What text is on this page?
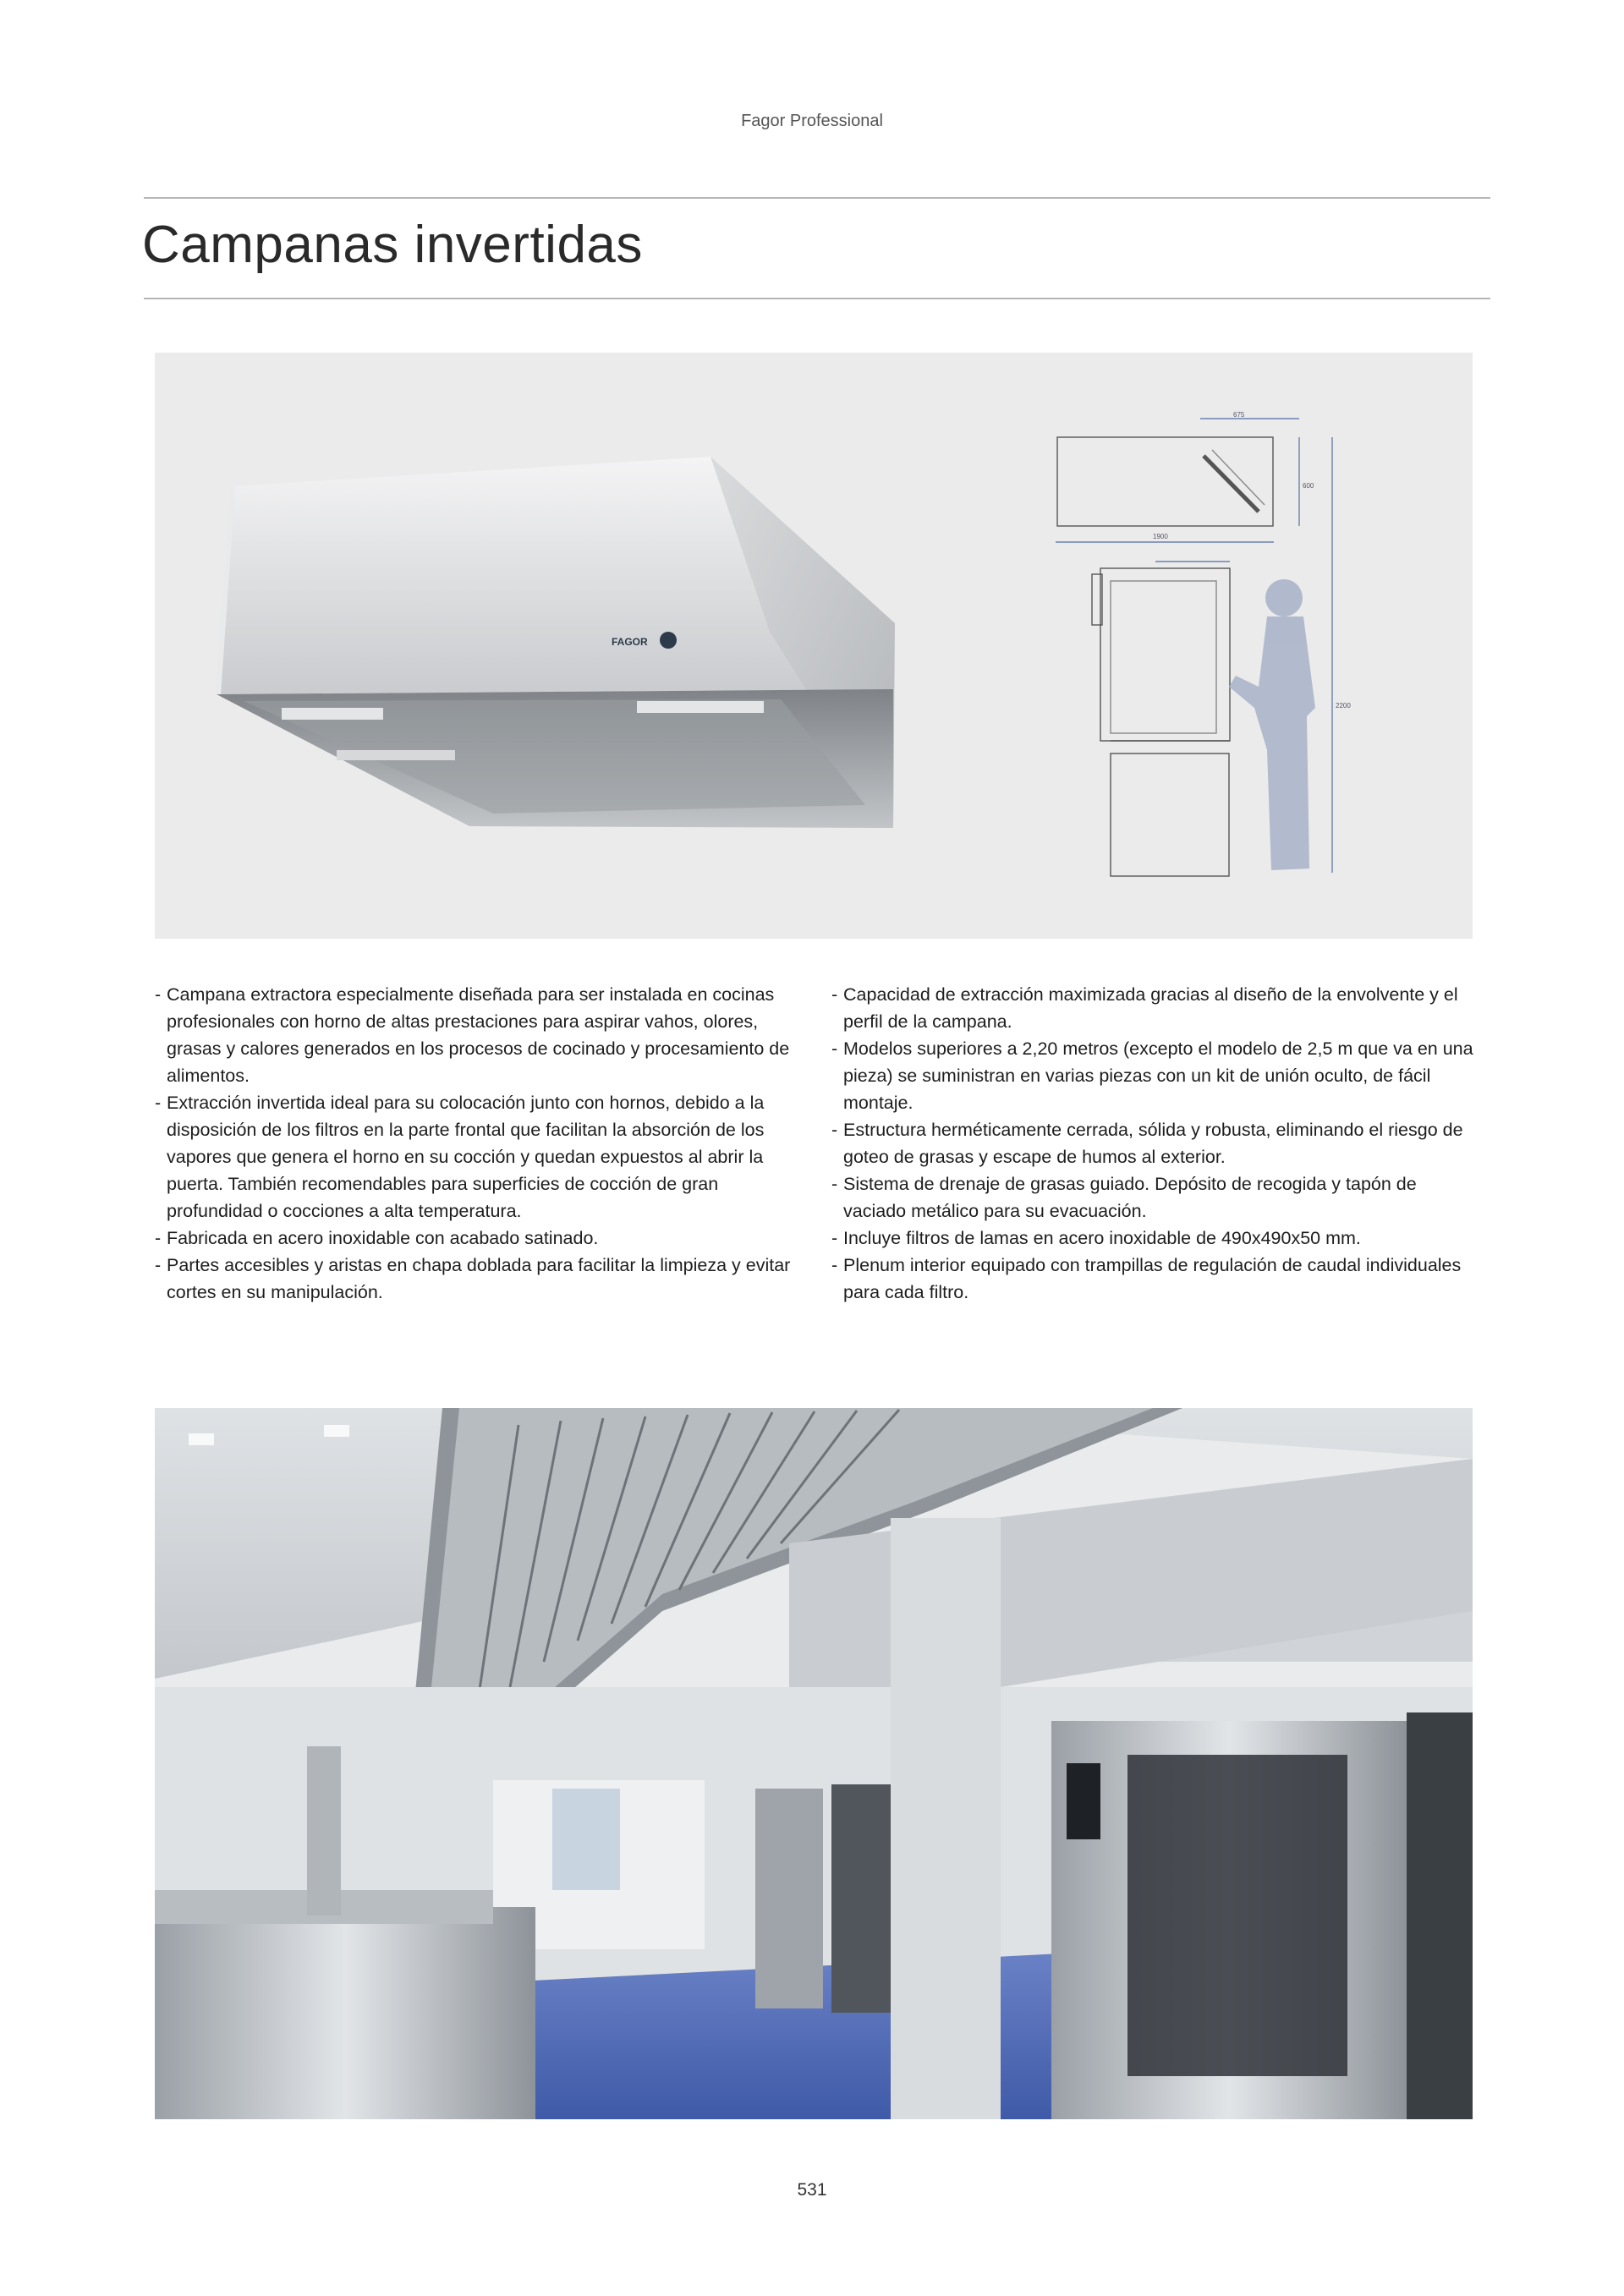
Fagor Professional
Campanas invertidas
FAGOR
675
600
1900
2200
- Campana extractora especialmente diseñada para ser instalada en cocinas profesionales con horno de altas prestaciones para aspirar vahos, olores, grasas y calores generados en los procesos de cocinado y procesamiento de alimentos.
- Extracción invertida ideal para su colocación junto con hornos, debido a la disposición de los filtros en la parte frontal que facilitan la absorción de los vapores que genera el horno en su cocción y quedan expuestos al abrir la puerta. También recomendables para superficies de cocción de gran profundidad o cocciones a alta temperatura.
- Fabricada en acero inoxidable con acabado satinado.
- Partes accesibles y aristas en chapa doblada para facilitar la limpieza y evitar cortes en su manipulación.
- Capacidad de extracción maximizada gracias al diseño de la envolvente y el perfil de la campana.
- Modelos superiores a 2,20 metros (excepto el modelo de 2,5 m que va en una pieza) se suministran en varias piezas con un kit de unión oculto, de fácil montaje.
- Estructura herméticamente cerrada, sólida y robusta, eliminando el riesgo de goteo de grasas y escape de humos al exterior.
- Sistema de drenaje de grasas guiado. Depósito de recogida y tapón de vaciado metálico para su evacuación.
- Incluye filtros de lamas en acero inoxidable de 490x490x50 mm.
- Plenum interior equipado con trampillas de regulación de caudal individuales para cada filtro.
531
